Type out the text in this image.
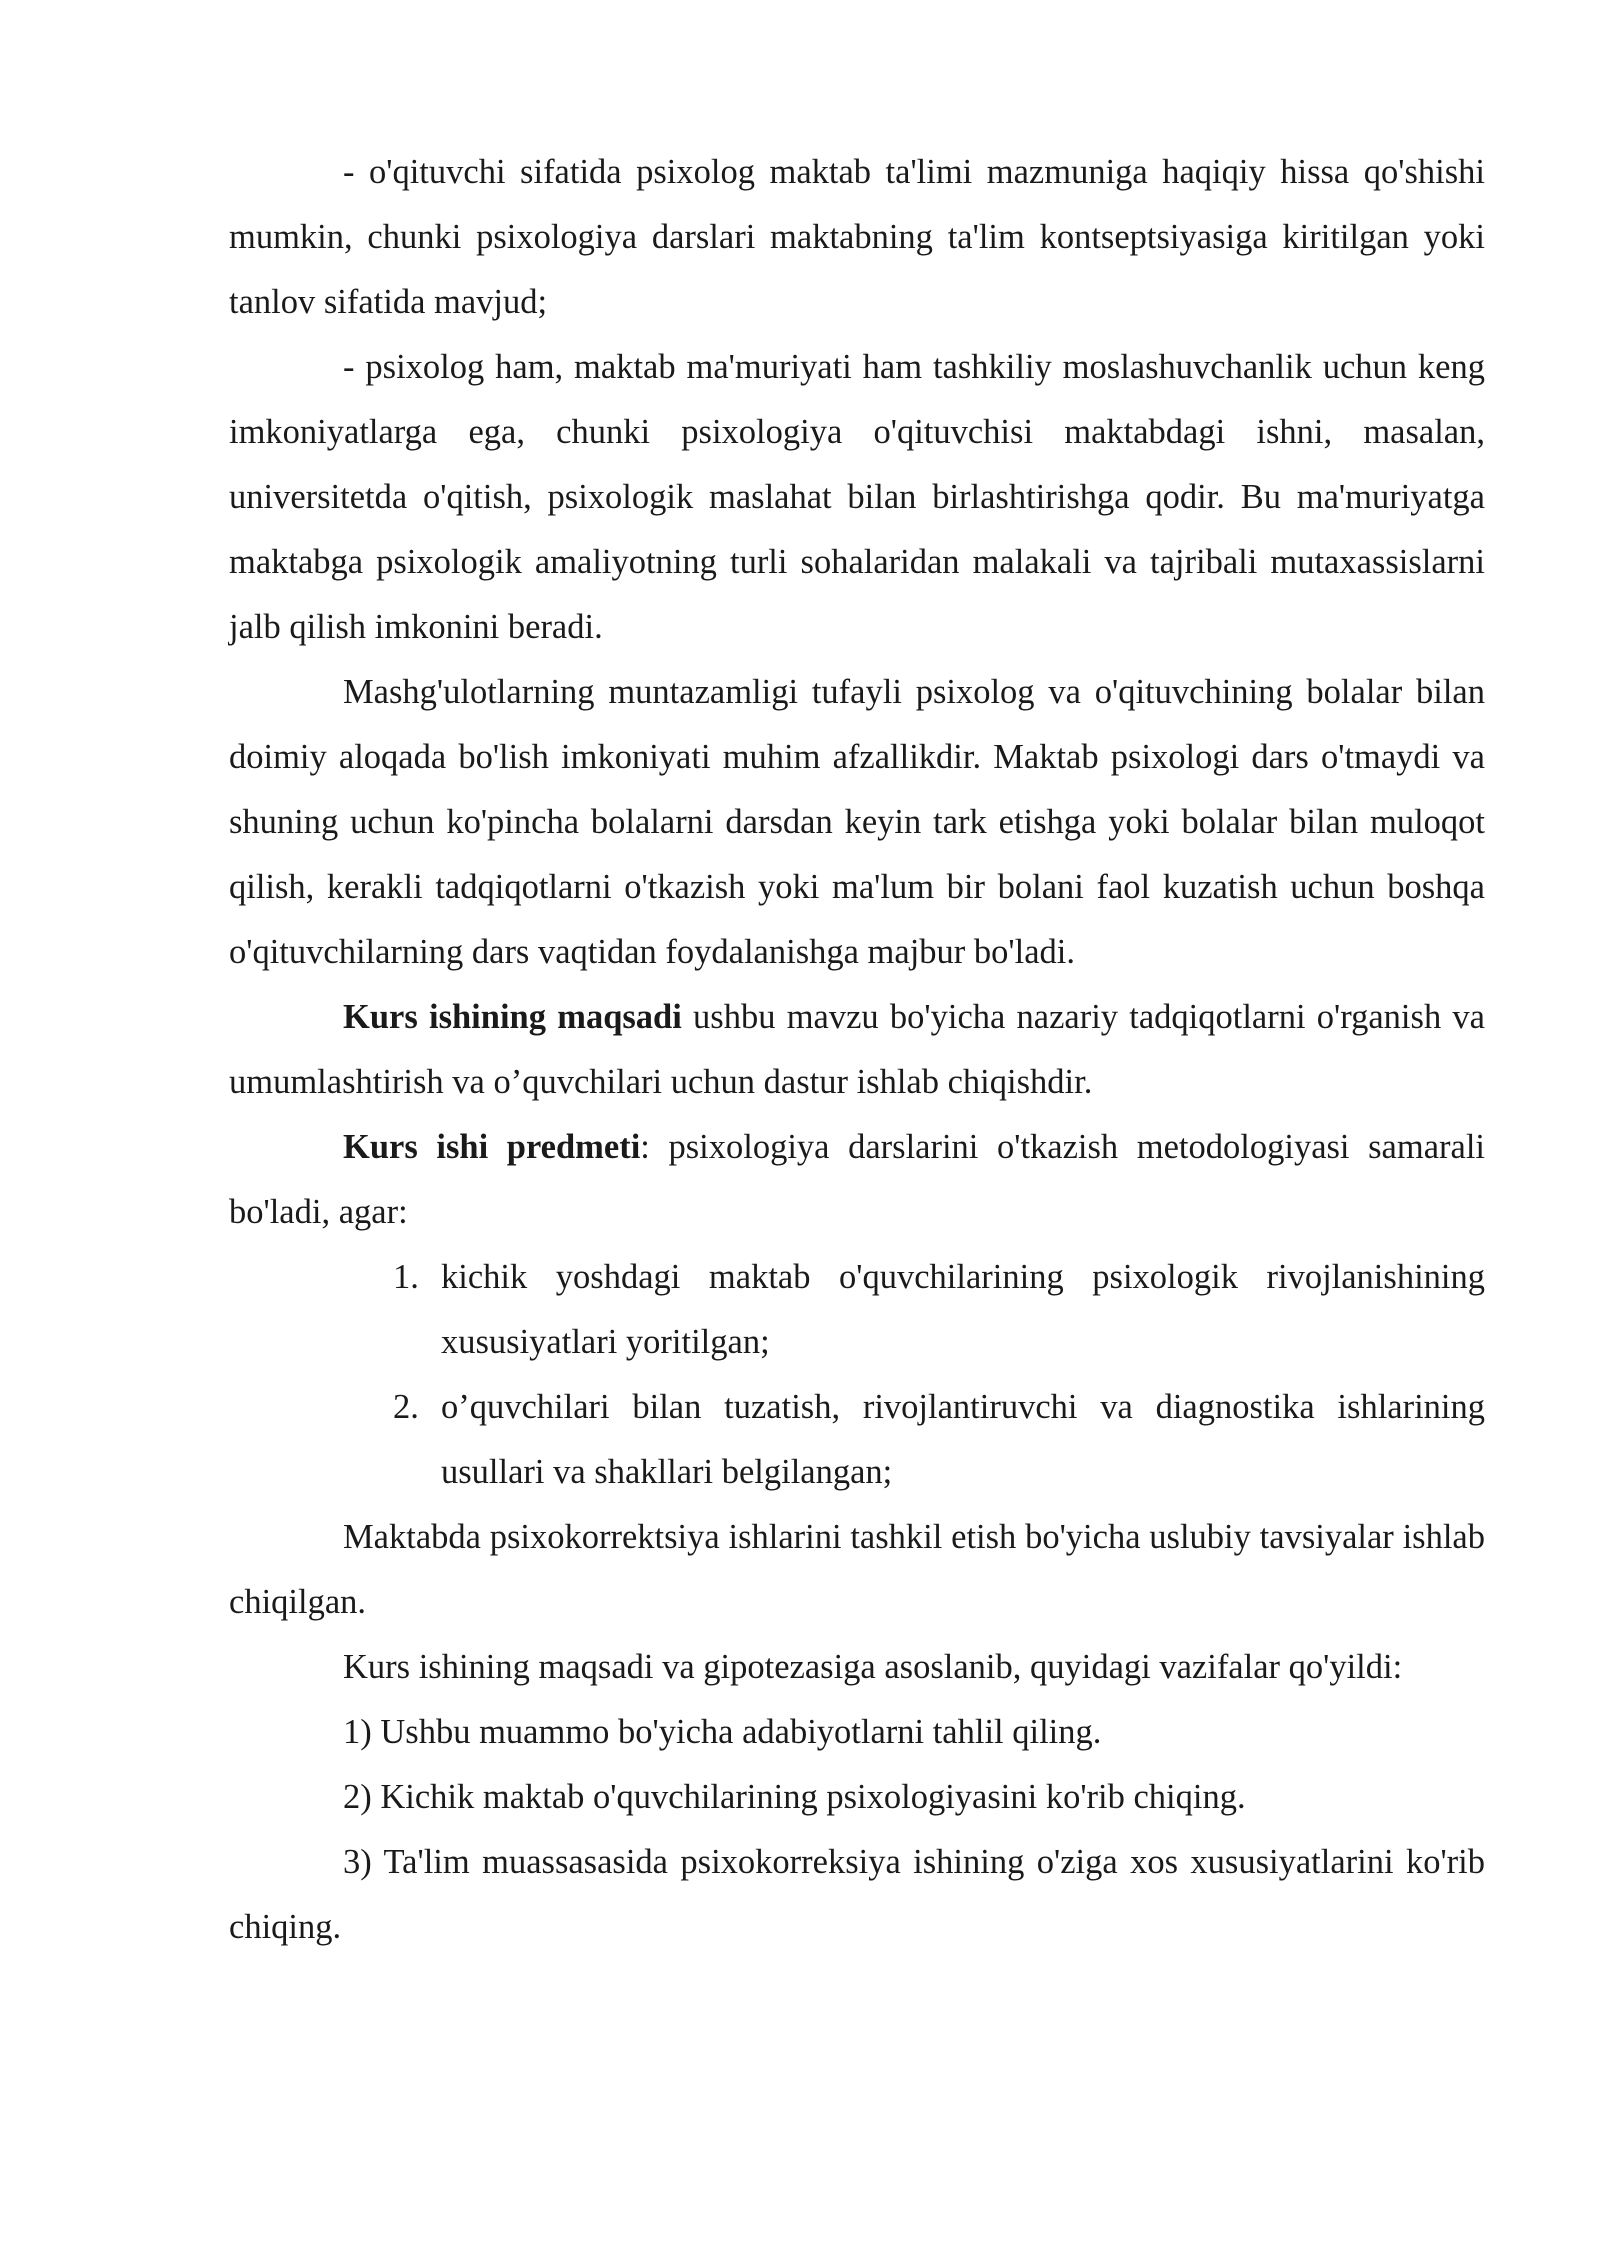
- o'qituvchi sifatida psixolog maktab ta'limi mazmuniga haqiqiy hissa qo'shishi mumkin, chunki psixologiya darslari maktabning ta'lim kontseptsiyasiga kiritilgan yoki tanlov sifatida mavjud;

- psixolog ham, maktab ma'muriyati ham tashkiliy moslashuvchanlik uchun keng imkoniyatlarga ega, chunki psixologiya o'qituvchisi maktabdagi ishni, masalan, universitetda o'qitish, psixologik maslahat bilan birlashtirishga qodir. Bu ma'muriyatga maktabga psixologik amaliyotning turli sohalaridan malakali va tajribali mutaxassislarni jalb qilish imkonini beradi.

Mashg'ulotlarning muntazamligi tufayli psixolog va o'qituvchining bolalar bilan doimiy aloqada bo'lish imkoniyati muhim afzallikdir. Maktab psixologi dars o'tmaydi va shuning uchun ko'pincha bolalarni darsdan keyin tark etishga yoki bolalar bilan muloqot qilish, kerakli tadqiqotlarni o'tkazish yoki ma'lum bir bolani faol kuzatish uchun boshqa o'qituvchilarning dars vaqtidan foydalanishga majbur bo'ladi.

Kurs ishining maqsadi ushbu mavzu bo'yicha nazariy tadqiqotlarni o'rganish va umumlashtirish va o’quvchilari uchun dastur ishlab chiqishdir.

Kurs ishi predmeti: psixologiya darslarini o'tkazish metodologiyasi samarali bo'ladi, agar:

1. kichik yoshdagi maktab o'quvchilarining psixologik rivojlanishining xususiyatlari yoritilgan;
2. o’quvchilari bilan tuzatish, rivojlantiruvchi va diagnostika ishlarining usullari va shakllari belgilangan;

Maktabda psixokorrektsiya ishlarini tashkil etish bo'yicha uslubiy tavsiyalar ishlab chiqilgan.

Kurs ishining maqsadi va gipotezasiga asoslanib, quyidagi vazifalar qo'yildi:

1) Ushbu muammo bo'yicha adabiyotlarni tahlil qiling.

2) Kichik maktab o'quvchilarining psixologiyasini ko'rib chiqing.

3) Ta'lim muassasasida psixokorreksiya ishining o'ziga xos xususiyatlarini ko'rib chiqing.
